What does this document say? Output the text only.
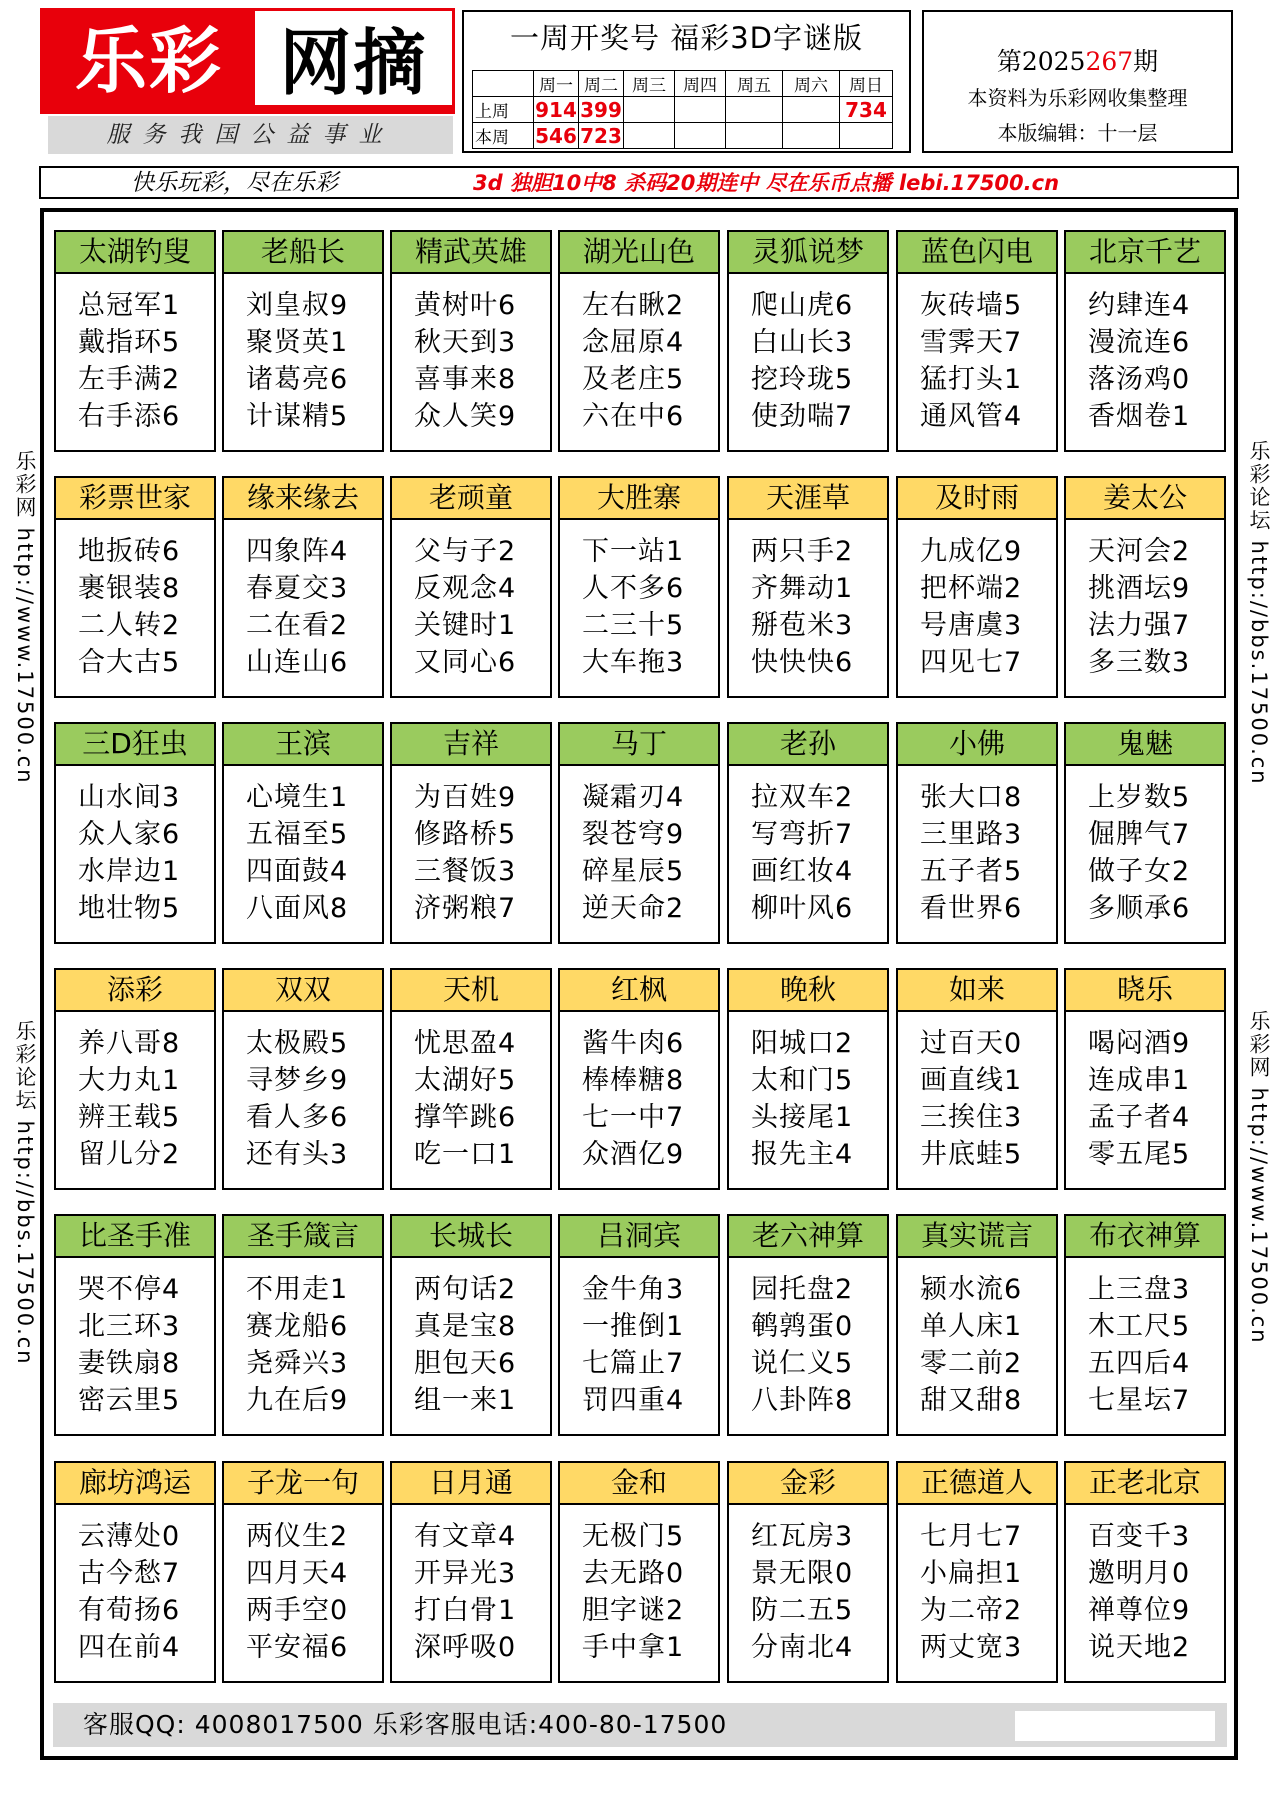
乐彩 网摘
服务我国公益事业
一周开奖号 福彩3D字谜版
	周一	周二	周三	周四	周五	周六	周日
上周	914	399					734
本周	546	723					
第2025267期
本资料为乐彩网收集整理
本版编辑：十一层
快乐玩彩，尽在乐彩	3d 独胆10中8 杀码20期连中 尽在乐币点播 lebi.17500.cn
乐彩网 http://www.17500.cn
乐彩论坛 http://bbs.17500.cn
乐彩论坛 http://bbs.17500.cn
乐彩网 http://www.17500.cn
太湖钓叟
总冠军1
戴指环5
左手满2
右手添6
老船长
刘皇叔9
聚贤英1
诸葛亮6
计谋精5
精武英雄
黄树叶6
秋天到3
喜事来8
众人笑9
湖光山色
左右瞅2
念屈原4
及老庄5
六在中6
灵狐说梦
爬山虎6
白山长3
挖玲珑5
使劲喘7
蓝色闪电
灰砖墙5
雪霁天7
猛打头1
通风管4
北京千艺
约肆连4
漫流连6
落汤鸡0
香烟卷1
彩票世家
地扳砖6
裹银装8
二人转2
合大古5
缘来缘去
四象阵4
春夏交3
二在看2
山连山6
老顽童
父与子2
反观念4
关键时1
又同心6
大胜寨
下一站1
人不多6
二三十5
大车拖3
天涯草
两只手2
齐舞动1
掰苞米3
快快快6
及时雨
九成亿9
把杯端2
号唐虞3
四见七7
姜太公
天河会2
挑酒坛9
法力强7
多三数3
三D狂虫
山水间3
众人家6
水岸边1
地壮物5
王滨
心境生1
五福至5
四面鼓4
八面风8
吉祥
为百姓9
修路桥5
三餐饭3
济粥粮7
马丁
凝霜刃4
裂苍穹9
碎星辰5
逆天命2
老孙
拉双车2
写弯折7
画红妆4
柳叶风6
小佛
张大口8
三里路3
五子者5
看世界6
鬼魅
上岁数5
倔脾气7
做子女2
多顺承6
添彩
养八哥8
大力丸1
辨王载5
留儿分2
双双
太极殿5
寻梦乡9
看人多6
还有头3
天机
忧思盈4
太湖好5
撑竿跳6
吃一口1
红枫
酱牛肉6
棒棒糖8
七一中7
众酒亿9
晚秋
阳城口2
太和门5
头接尾1
报先主4
如来
过百天0
画直线1
三挨住3
井底蛙5
晓乐
喝闷酒9
连成串1
孟子者4
零五尾5
比圣手准
哭不停4
北三环3
妻铁扇8
密云里5
圣手箴言
不用走1
赛龙船6
尧舜兴3
九在后9
长城长
两句话2
真是宝8
胆包天6
组一来1
吕洞宾
金牛角3
一推倒1
七篇止7
罚四重4
老六神算
园托盘2
鹌鹑蛋0
说仁义5
八卦阵8
真实谎言
颍水流6
单人床1
零二前2
甜又甜8
布衣神算
上三盘3
木工尺5
五四后4
七星坛7
廊坊鸿运
云薄处0
古今愁7
有荀扬6
四在前4
子龙一句
两仪生2
四月天4
两手空0
平安福6
日月通
有文章4
开异光3
打白骨1
深呼吸0
金和
无极门5
去无路0
胆字谜2
手中拿1
金彩
红瓦房3
景无限0
防二五5
分南北4
正德道人
七月七7
小扁担1
为二帝2
两丈宽3
正老北京
百变千3
邀明月0
禅尊位9
说天地2
客服QQ: 4008017500 乐彩客服电话:400-80-17500
